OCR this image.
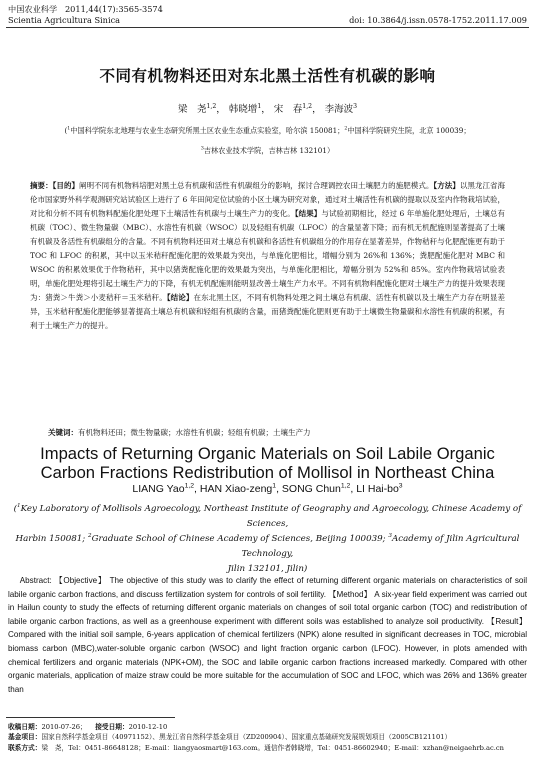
中国农业科学 2011,44(17):3565-3574
Scientia Agricultura Sinica	doi: 10.3864/j.issn.0578-1752.2011.17.009
不同有机物料还田对东北黑土活性有机碳的影响
梁　尧$^{1,2}$， 韩晓增$^1$， 宋　春$^{1,2}$， 李海波$^3$
($^1$中国科学院东北地理与农业生态研究所黑土区农业生态重点实验室，哈尔滨 150081；$^2$中国科学院研究生院，北京 100039；
$^3$吉林农业技术学院，吉林吉林 132101）
摘要：【目的】阐明不同有机物料培肥对黑土总有机碳和活性有机碳组分的影响，探讨合理调控农田土壤肥力的施肥模式。【方法】以黑龙江省海伦市国家野外科学观测研究站试验区上进行了 6 年田间定位试验的小区土壤为研究对象，通过对土壤活性有机碳的提取以及室内作物栽培试验，对比和分析不同有机物料配施化肥处理下土壤活性有机碳与土壤生产力的变化。【结果】与试验初期相比，经过 6 年单施化肥处理后，土壤总有机碳（TOC）、微生物量碳（MBC）、水溶性有机碳（WSOC）以及轻组有机碳（LFOC）的含量显著下降；而有机无机配施则显著提高了土壤有机碳及各活性有机碳组分的含量。不同有机物料还田对土壤总有机碳和各活性有机碳组分的作用存在显著差异，作物秸秆与化肥配施更有助于 TOC 和 LFOC 的积累，其中以玉米秸秆配施化肥的效果最为突出，与单施化肥相比，增幅分别为 26%和 136%；粪肥配施化肥对 MBC 和 WSOC 的积累效果优于作物秸秆，其中以猪粪配施化肥的效果最为突出，与单施化肥相比，增幅分别为 52%和 85%。室内作物栽培试验表明，单施化肥处理将引起土壤生产力的下降，有机无机配施则能明显改善土壤生产力水平。不同有机物料配施化肥对土壤生产力的提升效果表现为：猪粪＞牛粪＞小麦秸秆＝玉米秸秆。【结论】在东北黑土区，不同有机物料处理之间土壤总有机碳、活性有机碳以及土壤生产力存在明显差异，玉米秸秆配施化肥能够显著提高土壤总有机碳和轻组有机碳的含量，而猪粪配施化肥则更有助于土壤微生物量碳和水溶性有机碳的积累，有利于土壤生产力的提升。
关键词：有机物料还田；微生物量碳；水溶性有机碳；轻组有机碳；土壤生产力
Impacts of Returning Organic Materials on Soil Labile Organic
Carbon Fractions Redistribution of Mollisol in Northeast China
LIANG Yao$^{1,2}$, HAN Xiao-zeng$^1$, SONG Chun$^{1,2}$, LI Hai-$bo^3$
($^1$Key Laboratory of Mollisols Agroecology, Northeast Institute of Geography and Agroecology, Chinese Academy of Sciences,
Harbin 150081; $^2$Graduate School of Chinese Academy of Sciences, Beijing 100039; $^3$Academy of Jilin Agricultural Technology,
Jilin 132101, Jilin)
Abstract: 【Objective】 The objective of this study was to clarify the effect of returning different organic materials on characteristics of soil labile organic carbon fractions, and discuss fertilization system for controls of soil fertility. 【Method】 A six-year field experiment was carried out in Hailun county to study the effects of returning different organic materials on changes of soil total organic carbon (TOC) and redistribution of labile organic carbon fractions, as well as a greenhouse experiment with different soils was established to analyze soil productivity. 【Result】 Compared with the initial soil sample, 6-years application of chemical fertilizers (NPK) alone resulted in significant decreases in TOC, microbial biomass carbon (MBC),water-soluble organic carbon (WSOC) and light fraction organic carbon (LFOC). However, in plots amended with chemical fertilizers and organic materials (NPK+OM), the SOC and labile organic carbon fractions increased markedly. Compared with other organic materials, application of maize straw could be more suitable for the accumulation of SOC and LFOC, which was 26% and 136% greater than
收稿日期：2010-07-26； 接受日期：2010-12-10
基金项目：国家自然科学基金项目（40971152）、黑龙江省自然科学基金项目（ZD200904）、国家重点基础研究发展规划项目（2005CB121101）
联系方式：梁　尧，Tel：0451-86648128；E-mail：liangyaosmart@163.com。通信作者韩晓增，Tel：0451-86602940；E-mail：xzhan@neigaehrb.ac.cn
